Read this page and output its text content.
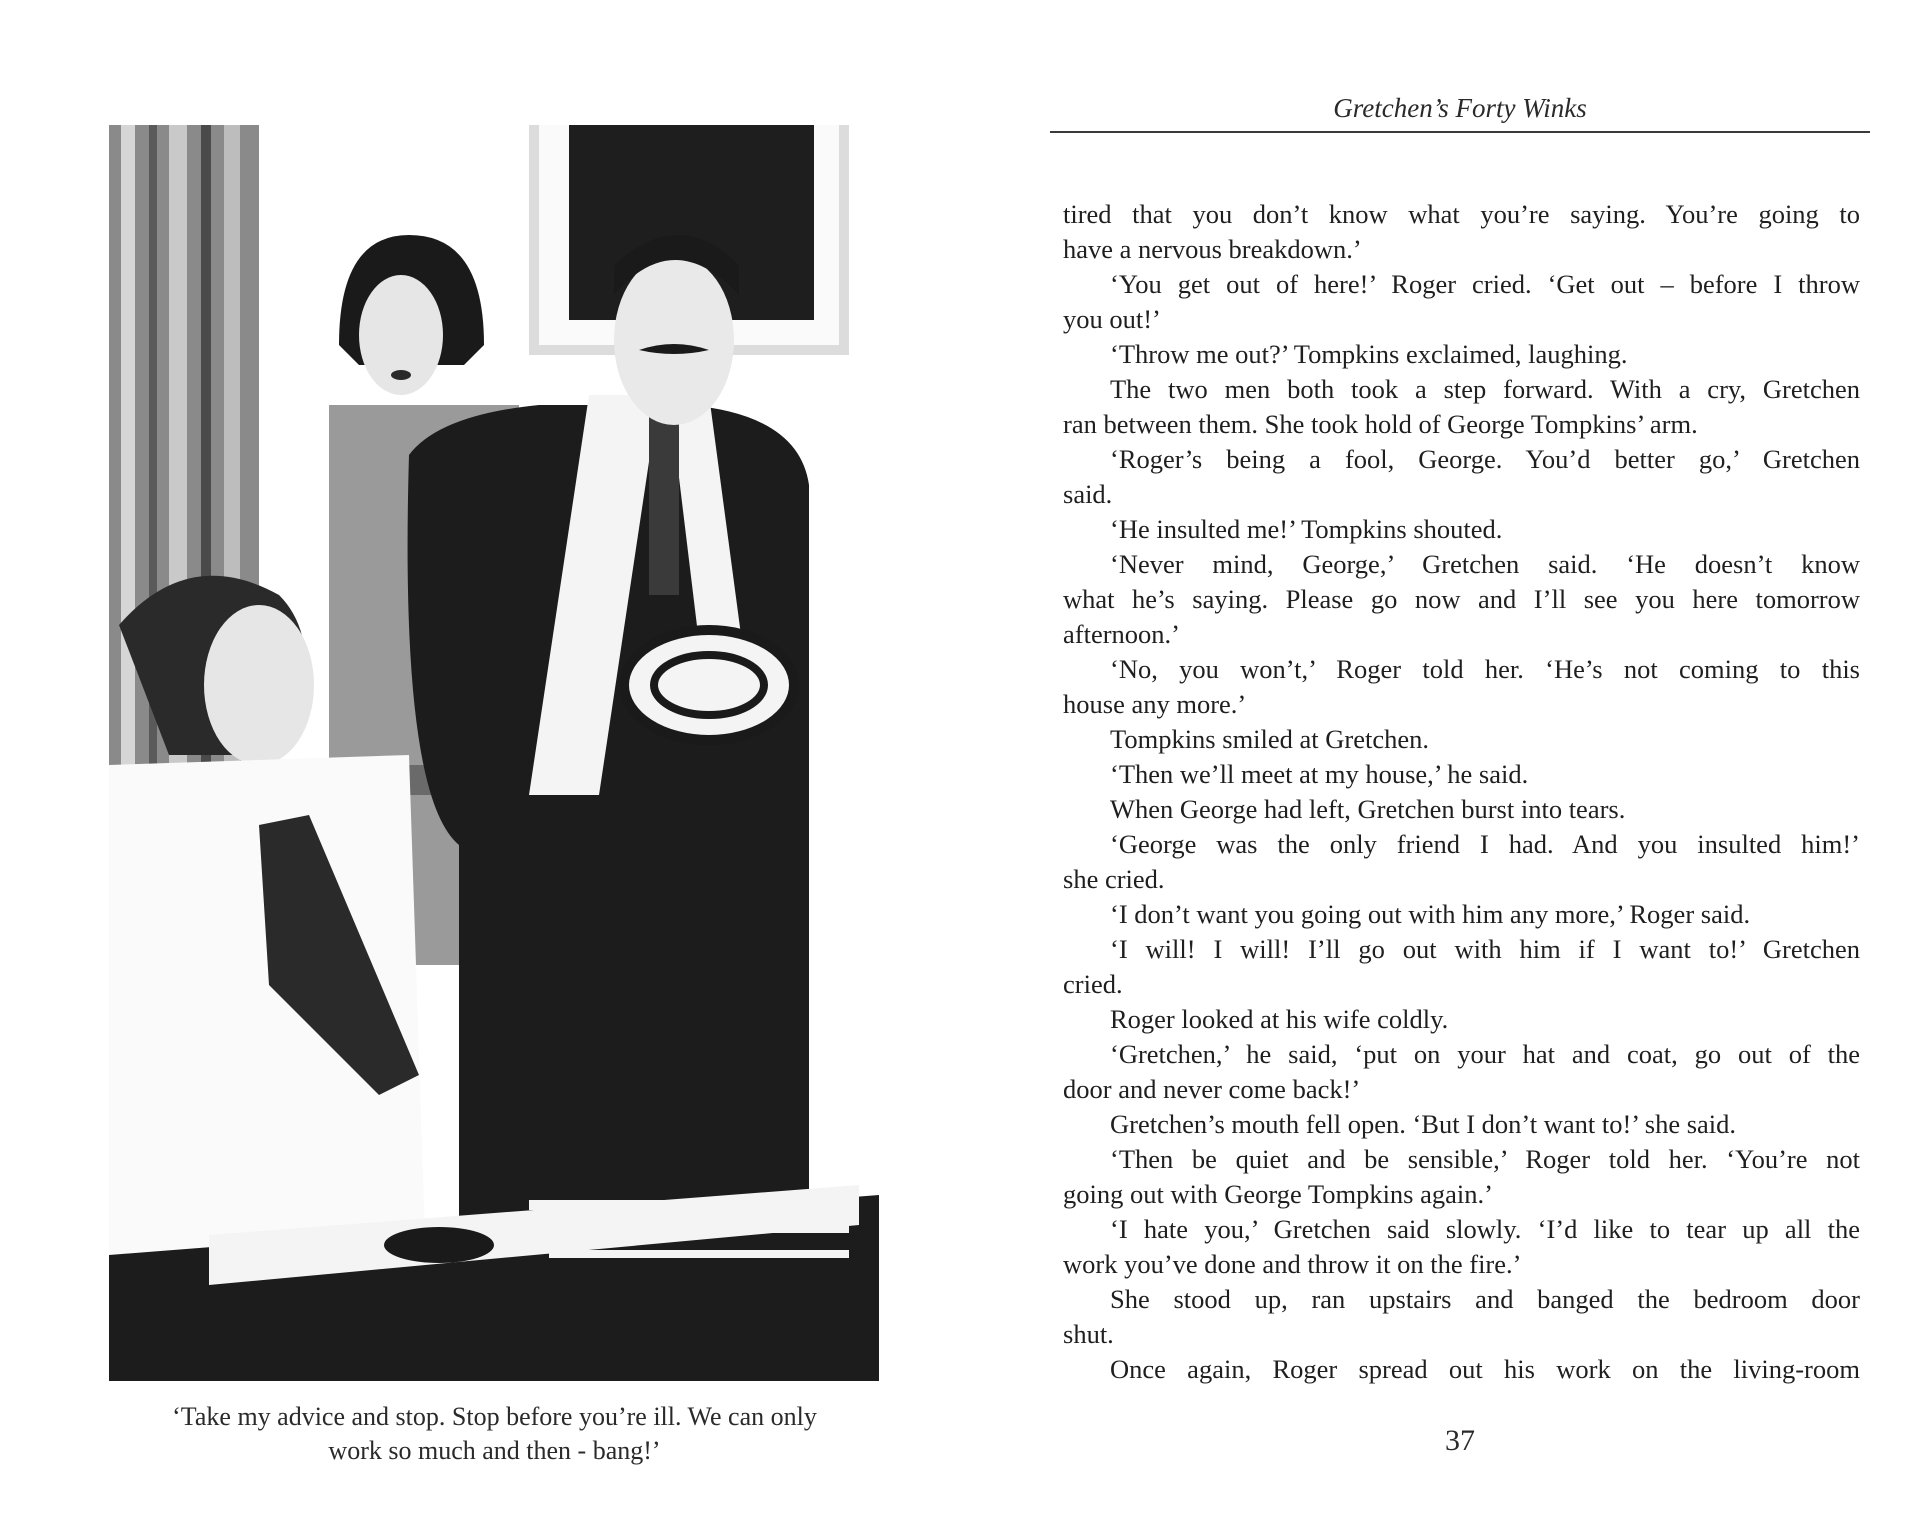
‘Take my advice and stop. Stop before you’re ill. We can only
work so much and then - bang!’
Gretchen’s Forty Winks
tired that you don’t know what you’re saying. You’re going to
have a nervous breakdown.’
‘You get out of here!’ Roger cried. ‘Get out – before I throw
you out!’
‘Throw me out?’ Tompkins exclaimed, laughing.
The two men both took a step forward. With a cry, Gretchen
ran between them. She took hold of George Tompkins’ arm.
‘Roger’s being a fool, George. You’d better go,’ Gretchen
said.
‘He insulted me!’ Tompkins shouted.
‘Never mind, George,’ Gretchen said. ‘He doesn’t know
what he’s saying. Please go now and I’ll see you here tomorrow
afternoon.’
‘No, you won’t,’ Roger told her. ‘He’s not coming to this
house any more.’
Tompkins smiled at Gretchen.
‘Then we’ll meet at my house,’ he said.
When George had left, Gretchen burst into tears.
‘George was the only friend I had. And you insulted him!’
she cried.
‘I don’t want you going out with him any more,’ Roger said.
‘I will! I will! I’ll go out with him if I want to!’ Gretchen
cried.
Roger looked at his wife coldly.
‘Gretchen,’ he said, ‘put on your hat and coat, go out of the
door and never come back!’
Gretchen’s mouth fell open. ‘But I don’t want to!’ she said.
‘Then be quiet and be sensible,’ Roger told her. ‘You’re not
going out with George Tompkins again.’
‘I hate you,’ Gretchen said slowly. ‘I’d like to tear up all the
work you’ve done and throw it on the fire.’
She stood up, ran upstairs and banged the bedroom door
shut.
Once again, Roger spread out his work on the living-room
37
